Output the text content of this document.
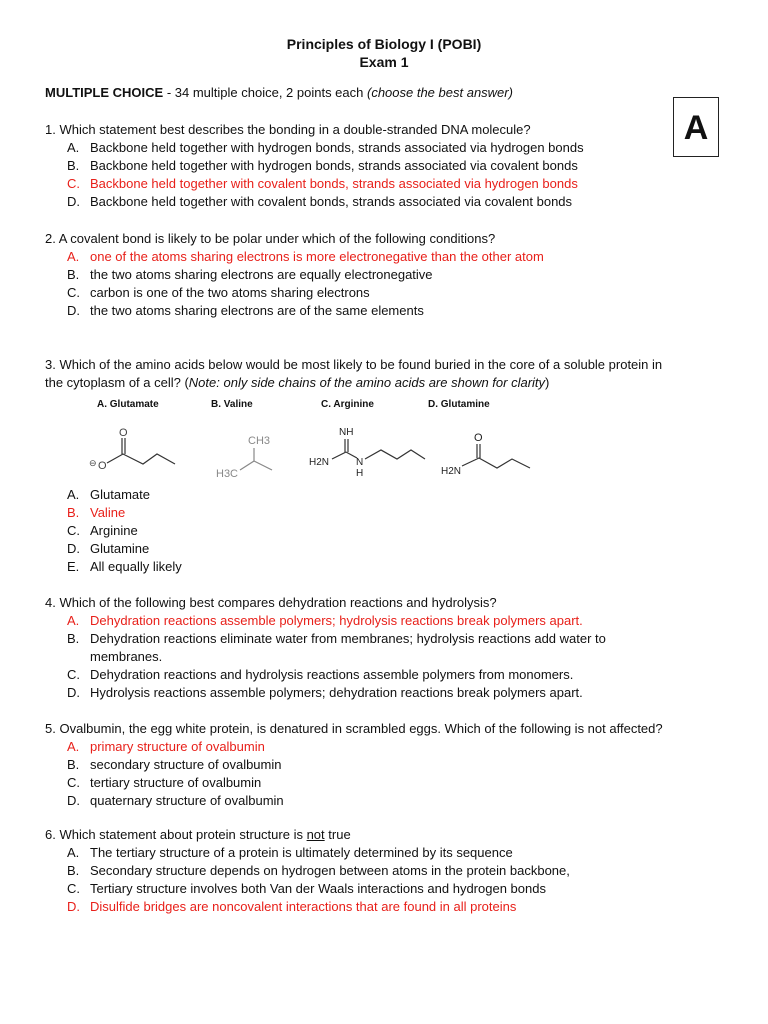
Principles of Biology I (POBI)
Exam 1
A
MULTIPLE CHOICE - 34 multiple choice, 2 points each (choose the best answer)
1. Which statement best describes the bonding in a double-stranded DNA molecule?
A. Backbone held together with hydrogen bonds, strands associated via hydrogen bonds
B. Backbone held together with hydrogen bonds, strands associated via covalent bonds
C. Backbone held together with covalent bonds, strands associated via hydrogen bonds
D. Backbone held together with covalent bonds, strands associated via covalent bonds
2. A covalent bond is likely to be polar under which of the following conditions?
A. one of the atoms sharing electrons is more electronegative than the other atom
B. the two atoms sharing electrons are equally electronegative
C. carbon is one of the two atoms sharing electrons
D. the two atoms sharing electrons are of the same elements
3. Which of the amino acids below would be most likely to be found buried in the core of a soluble protein in
the cytoplasm of a cell? (Note: only side chains of the amino acids are shown for clarity)
A. Glutamate	B. Valine	C. Arginine	D. Glutamine
O
⊖ O
CH3
H3C
NH
H2N	N
H
O
H2N
A. Glutamate
B. Valine
C. Arginine
D. Glutamine
E. All equally likely
4. Which of the following best compares dehydration reactions and hydrolysis?
A. Dehydration reactions assemble polymers; hydrolysis reactions break polymers apart.
B. Dehydration reactions eliminate water from membranes; hydrolysis reactions add water to
membranes.
C. Dehydration reactions and hydrolysis reactions assemble polymers from monomers.
D. Hydrolysis reactions assemble polymers; dehydration reactions break polymers apart.
5. Ovalbumin, the egg white protein, is denatured in scrambled eggs. Which of the following is not affected?
A. primary structure of ovalbumin
B. secondary structure of ovalbumin
C. tertiary structure of ovalbumin
D. quaternary structure of ovalbumin
6. Which statement about protein structure is not true
A. The tertiary structure of a protein is ultimately determined by its sequence
B. Secondary structure depends on hydrogen between atoms in the protein backbone,
C. Tertiary structure involves both Van der Waals interactions and hydrogen bonds
D. Disulfide bridges are noncovalent interactions that are found in all proteins
